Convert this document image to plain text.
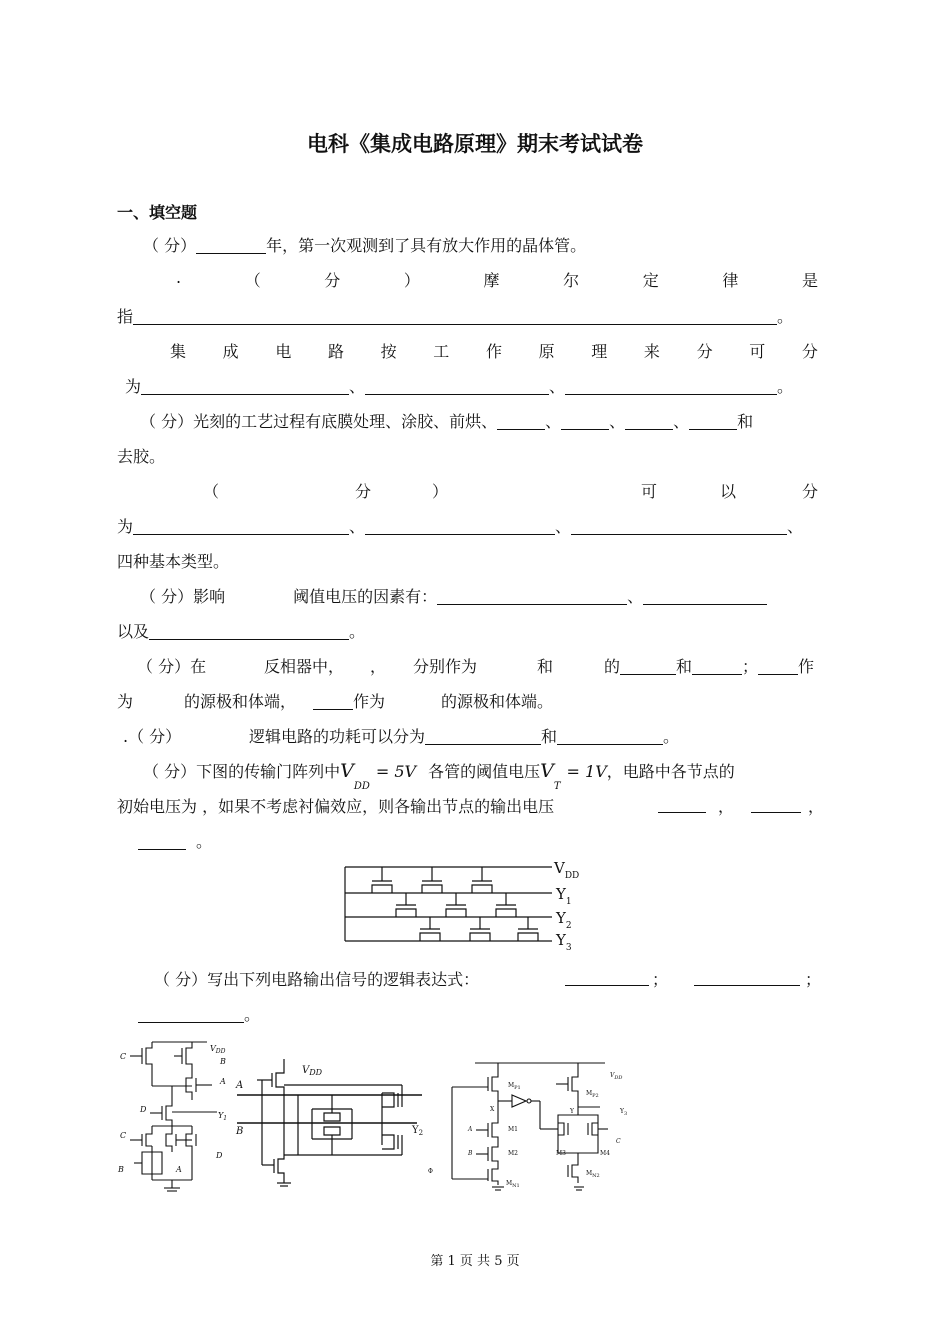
电科《集成电路原理》期末考试试卷
一、填空题
（ 分）	年，第一次观测到了具有放大作用的晶体管。
.	（	分	）	摩	尔	定	律	是
指	。
集 成 电 路 按 工 作 原 理 来 分 可 分
为	、	、	。
（ 分）光刻的工艺过程有底膜处理、涂胶、前烘、	、	、	、	和
去胶。
（	分	）	可	以	分
为	、	、	、
四种基本类型。
（ 分）影响	阈值电压的因素有：	、
以及	。
（ 分）在	反相器中， ， 分别作为	和	的	和	；	作
为	的源极和体端，	作为	的源极和体端。
.（ 分）	逻辑电路的功耗可以分为	和	。
（ 分）下图的传输门阵列中$V_{DD}= 5V$ 各管的阈值电压$V_T= 1V$，电路中各节点的
初始电压为 ，如果不考虑衬偏效应，则各输出节点的输出电压	，	，
。
$V_{DD}$
$Y_1$
$Y_2$
$Y_3$
（ 分）写出下列电路输出信号的逻辑表达式：	；	；
。
C
$V_{DD}$
B
A
D
$Y_1$
C
D
B	A
$V_{DD}$
A
B	$Y_2$
$V_{DD}$
$M_{P1}$
$M_{P2}$
$Y_3$
X	Y
A	M1
B	M2	M3	M4
C
Φ
$M_{N1}$
$M_{N2}$
第 1 页 共 5 页
